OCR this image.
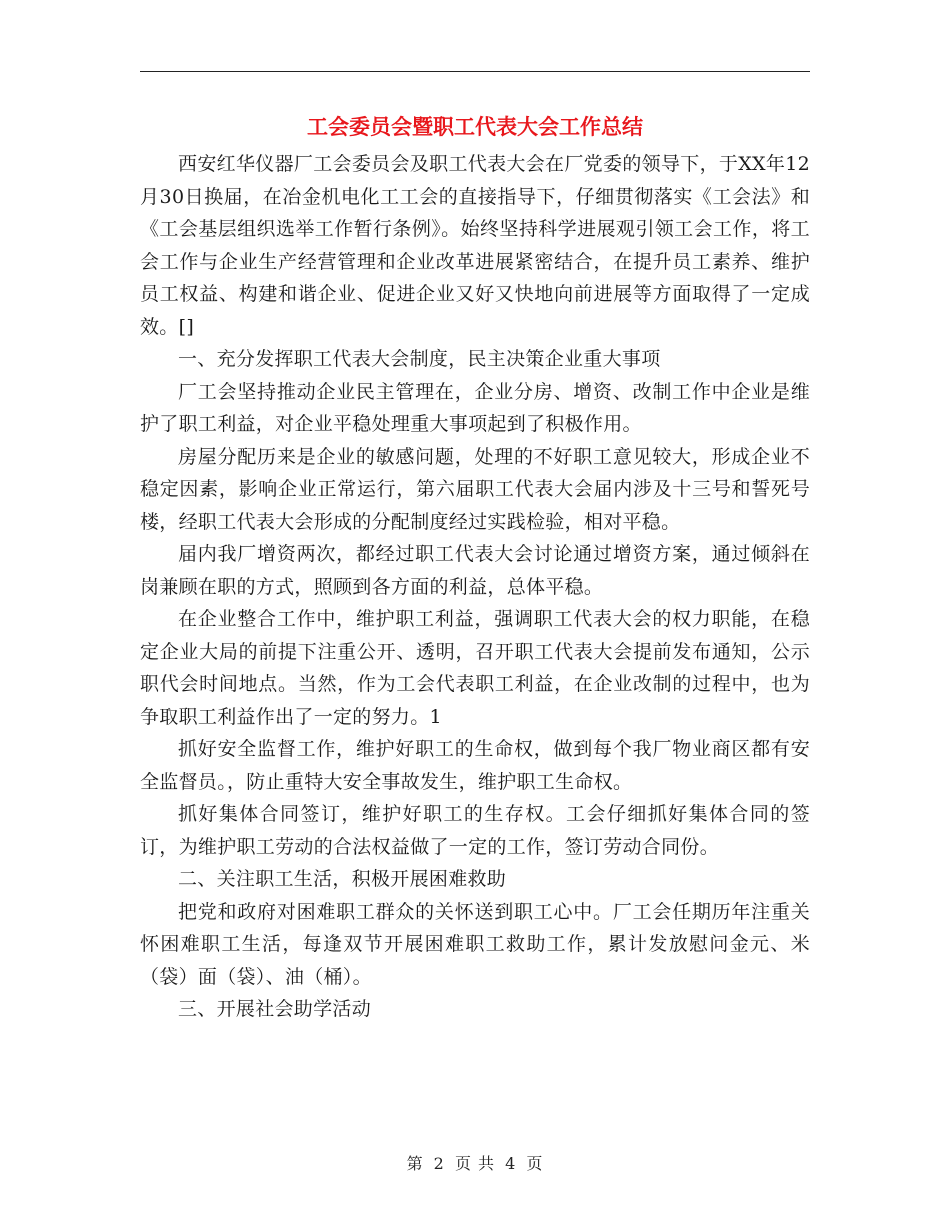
工会委员会暨职工代表大会工作总结

西安红华仪器厂工会委员会及职工代表大会在厂党委的领导下，于XX年12月30日换届，在冶金机电化工工会的直接指导下，仔细贯彻落实《工会法》和《工会基层组织选举工作暂行条例》。始终坚持科学进展观引领工会工作，将工会工作与企业生产经营管理和企业改革进展紧密结合，在提升员工素养、维护员工权益、构建和谐企业、促进企业又好又快地向前进展等方面取得了一定成效。[]

一、充分发挥职工代表大会制度，民主决策企业重大事项

厂工会坚持推动企业民主管理在，企业分房、增资、改制工作中企业是维护了职工利益，对企业平稳处理重大事项起到了积极作用。

房屋分配历来是企业的敏感问题，处理的不好职工意见较大，形成企业不稳定因素，影响企业正常运行，第六届职工代表大会届内涉及十三号和誓死号楼，经职工代表大会形成的分配制度经过实践检验，相对平稳。

届内我厂增资两次，都经过职工代表大会讨论通过增资方案，通过倾斜在岗兼顾在职的方式，照顾到各方面的利益，总体平稳。

在企业整合工作中，维护职工利益，强调职工代表大会的权力职能，在稳定企业大局的前提下注重公开、透明，召开职工代表大会提前发布通知，公示职代会时间地点。当然，作为工会代表职工利益，在企业改制的过程中，也为争取职工利益作出了一定的努力。1

抓好安全监督工作，维护好职工的生命权，做到每个我厂物业商区都有安全监督员。，防止重特大安全事故发生，维护职工生命权。

抓好集体合同签订，维护好职工的生存权。工会仔细抓好集体合同的签订，为维护职工劳动的合法权益做了一定的工作，签订劳动合同份。

二、关注职工生活，积极开展困难救助

把党和政府对困难职工群众的关怀送到职工心中。厂工会任期历年注重关怀困难职工生活，每逢双节开展困难职工救助工作，累计发放慰问金元、米（袋）面（袋）、油（桶）。

三、开展社会助学活动

第 2 页 共 4 页
